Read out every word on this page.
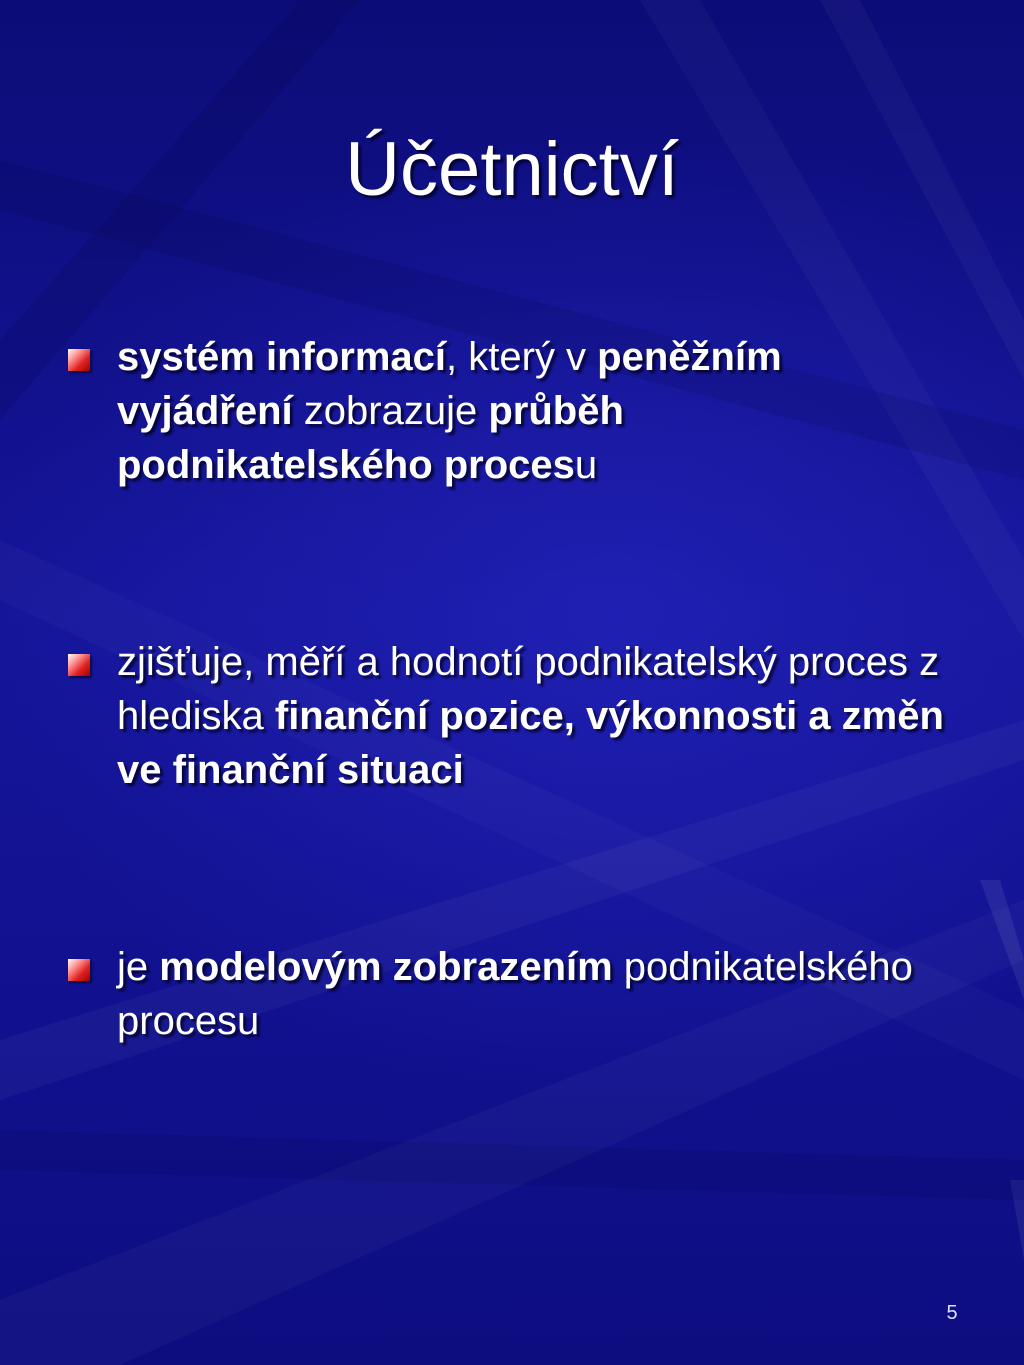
Účetnictví
systém informací, který v peněžním vyjádření zobrazuje průběh podnikatelského procesu
zjišťuje, měří a hodnotí podnikatelský proces z hlediska finanční pozice, výkonnosti a změn ve finanční situaci
je modelovým zobrazením podnikatelského procesu
5
